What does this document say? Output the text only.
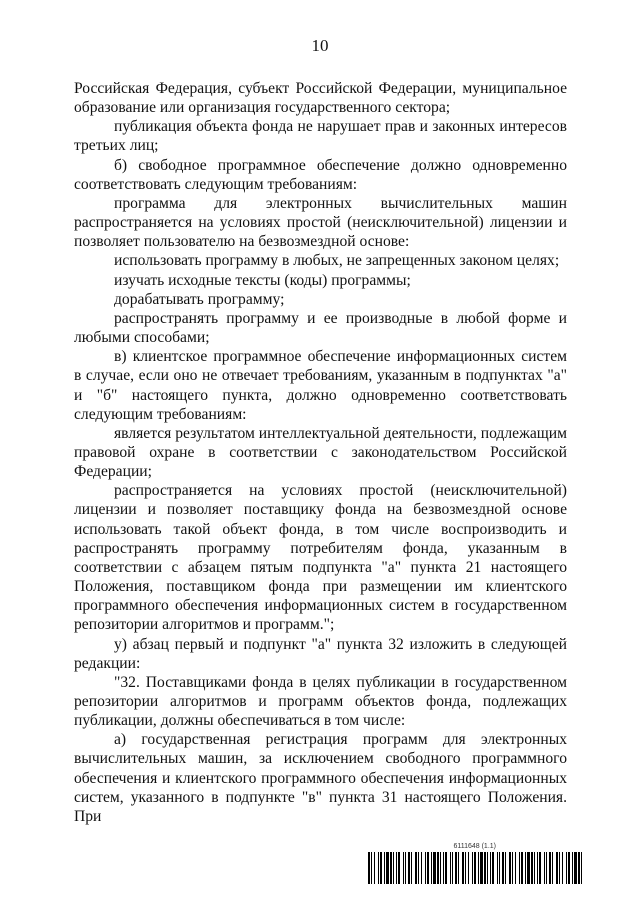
10

Российская Федерация, субъект Российской Федерации, муниципальное образование или организация государственного сектора;

публикация объекта фонда не нарушает прав и законных интересов третьих лиц;

б) свободное программное обеспечение должно одновременно соответствовать следующим требованиям:

программа для электронных вычислительных машин распространяется на условиях простой (неисключительной) лицензии и позволяет пользователю на безвозмездной основе:

использовать программу в любых, не запрещенных законом целях;

изучать исходные тексты (коды) программы;

дорабатывать программу;

распространять программу и ее производные в любой форме и любыми способами;

в) клиентское программное обеспечение информационных систем в случае, если оно не отвечает требованиям, указанным в подпунктах "а" и "б" настоящего пункта, должно одновременно соответствовать следующим требованиям:

является результатом интеллектуальной деятельности, подлежащим правовой охране в соответствии с законодательством Российской Федерации;

распространяется на условиях простой (неисключительной) лицензии и позволяет поставщику фонда на безвозмездной основе использовать такой объект фонда, в том числе воспроизводить и распространять программу потребителям фонда, указанным в соответствии с абзацем пятым подпункта "а" пункта 21 настоящего Положения, поставщиком фонда при размещении им клиентского программного обеспечения информационных систем в государственном репозитории алгоритмов и программ.";

у) абзац первый и подпункт "а" пункта 32 изложить в следующей редакции:

"32. Поставщиками фонда в целях публикации в государственном репозитории алгоритмов и программ объектов фонда, подлежащих публикации, должны обеспечиваться в том числе:

а) государственная регистрация программ для электронных вычислительных машин, за исключением свободного программного обеспечения и клиентского программного обеспечения информационных систем, указанного в подпункте "в" пункта 31 настоящего Положения. При

6111648 (1.1)
